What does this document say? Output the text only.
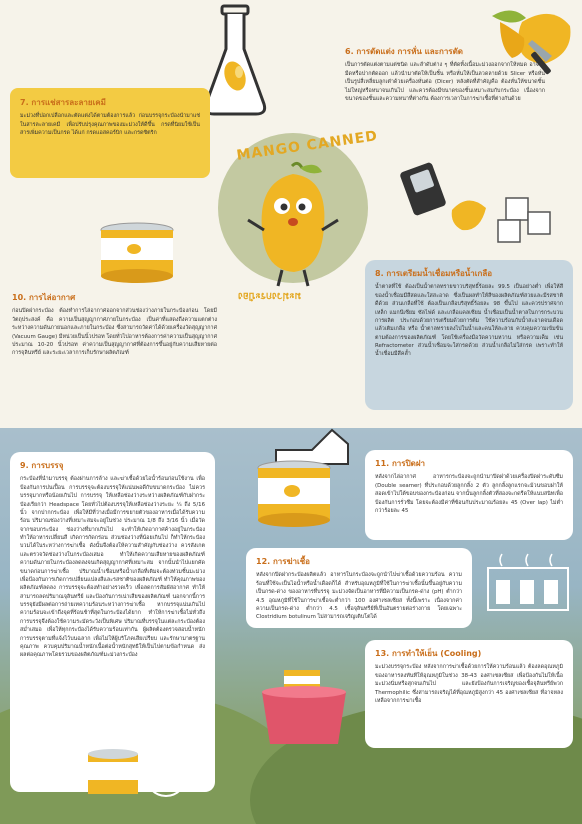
6. การตัดแต่ง การหั่น และการตัด

เป็นการตัดแต่งตามแต่ชนิด และลำดับต่าง ๆ ที่ตัดทิ้งเนื้อมะม่วงออกจากให้หมด อาจให้มีดหรือปากตัดออก แล้วนำมาตัดให้เป็นชิ้น หรือหั่นให้เป็นลวดลายด้วย Slicer หรือหั่นเป็นรูปสี่เหลี่ยมลูกเต๋าด้วยเครื่องหั่นต่อ (Dicer) หลังตัดที่สำคัญคือ ต้องหั่นให้ขนาดชิ้นไม่ใหญ่หรือหนาจนเกินไป และควรต้องมีขนาดของชิ้นเหมาะสมกับกระป๋อง เนื่องจากขนาดของชิ้นและความหนาที่ต่างกัน ต้องการเวลาในการฆ่าเชื้อที่ต่างกันด้วย

7. การแช่สารละลายเคมี

มะม่วงที่ปอกเปลือกและตัดแต่งได้ตามต้องการแล้ว ก่อนบรรจุกระป๋องนำมาแช่ในสารละลายเคมี เพื่อปรับปรุงคุณภาพของมะม่วงให้ดีขึ้น กรดที่นิยมใช้เป็นสารเพิ่มความเป็นกรด ได้แก่ กรดแอสคอร์บิก และกรดซิตริก	MANGO CANNED
มะม่วงกระป๋อง
8. การเตรียมน้ำเชื่อมหรือน้ำเกลือ

น้ำตาลที่ใช้ ต้องเป็นน้ำตาลทรายขาวบริสุทธิ์ร้อยละ 99.5 เป็นอย่างต่ำ เพื่อให้สีของน้ำเชื่อมมีสีสดและใสสะอาด ซึ่งเป็นผลทำให้สีของผลิตภัณฑ์สวยและมีรสชาติดีด้วย ส่วนเกลือที่ใช้ ต้องเป็นเกลือบริสุทธิ์ร้อยละ 98 ขึ้นไป และควรปราศจากเหล็ก แมกนีเซียม ซัลไฟด์ และเกลือแคลเซียม น้ำเชื่อมเป็นน้ำตาลในการกระบวนการผลิต ประกอบด้วยการเตรียมด้วยการต้ม ใช้ความร้อนกับน้ำสะอาดจนเดือด แล้วเติมเกลือ หรือ น้ำตาลทรายลงไปในน้ำและคนให้ละลาย ควบคุมความเข้มข้น ตามต้องการของผลิตภัณฑ์ โดยใช้เครื่องมือวัดความหวาน หรือความเค็ม เช่น Refractometer ส่วนน้ำเชื่อมจะใส่กรดด้วย ส่วนน้ำเกลือไม่ใส่กรด เพราะทำให้น้ำเชื่อมมีสีคล้ำ

10. การไล่อากาศ

ก่อนปิดฝากระป๋อง ต้องทำการไล่อากาศออกจากส่วนช่องว่างภายในกระป๋องก่อน โดยมีวัตถุประสงค์ คือ ความเป็นสุญญากาศภายในกระป๋อง เป็นค่าที่แสดงถึงความแตกต่างระหว่างความดันภายนอกและภายในกระป๋อง ซึ่งสามารถวัดค่าได้ด้วยเครื่องวัดสุญญากาศ (Vacuum Gauge) มีหน่วยเป็นนิ้วปรอท โดยทั่วไปอาหารต้องการค่าความเป็นสุญญากาศประมาณ 10-20 นิ้วปรอท ค่าความเป็นสุญญากาศที่ต้องการขึ้นอยู่กับความเสียหายต่อการจุลินทรีย์ และระยะเวลาการเก็บรักษาผลิตภัณฑ์

9. การบรรจุ

กระป๋องที่นำมาบรรจุ ต้องผ่านการล้าง และฆ่าเชื้อด้วยไอน้ำร้อนก่อนใช้งาน เพื่อป้องกันการปนเปื้อน การบรรจุจะต้องบรรจุให้แน่นพอดีกับขนาดกระป๋อง ไม่ควรบรรจุมากหรือน้อยเกินไป การบรรจุ ให้เหลือช่องว่างระหว่างผลิตภัณฑ์กับฝากระป๋องเรียกว่า Headspace โดยทั่วไปต้องบรรจุให้เหลือช่องว่างระยะ ¼ ถึง 5/16 นิ้ว จากปากกระป๋อง เพื่อให้มีที่ว่างเมื่อมีการขยายตัวของอาหารเมื่อได้รับความร้อน ปริมาณช่องว่างที่เหมาะสมจะอยู่ในช่วง ประมาณ 1/8 ถึง 3/16 นิ้ว เมื่อวัดจากขอบกระป๋อง ช่องว่างที่มากเกินไป จะทำให้เกิดอากาศค้างอยู่ในกระป๋อง ทำให้อาหารเปลี่ยนสี เกิดการกัดกร่อน ส่วนช่องว่างที่น้อยเกินไป ก็ทำให้กระป๋องบวมได้ในระหว่างการฆ่าเชื้อ ดังนั้นจึงต้องให้ความสำคัญกับช่องว่าง ควรสังเกตและตรวจวัดช่องว่างในกระป๋องเสมอ ทำให้เกิดความเสียหายของผลิตภัณฑ์ ความดันภายในกระป๋องลดลงจนเกิดสุญญากาศที่เหมาะสม จากนั้นนำไปแยกคัดขนาดก่อนการฆ่าเชื้อ ปริมาณน้ำเชื่อมหรือน้ำเกลือที่เติมจะต้องท่วมชิ้นมะม่วง เพื่อป้องกันการเกิดการเปลี่ยนแปลงสีและรสชาติของผลิตภัณฑ์ ทำให้คุณภาพของผลิตภัณฑ์ลดลง การบรรจุจะต้องทำอย่างรวดเร็ว เพื่อลดการสัมผัสอากาศ ทำให้สามารถลดปริมาณจุลินทรีย์ และป้องกันการเน่าเสียของผลิตภัณฑ์ นอกจากนี้การบรรจุยังมีผลต่อการถ่ายเทความร้อนระหว่างการฆ่าเชื้อ หากบรรจุแน่นเกินไปความร้อนจะเข้าถึงจุดที่ร้อนช้าที่สุดในกระป๋องได้ยาก ทำให้การฆ่าเชื้อไม่ทั่วถึง การบรรจุจึงต้องใช้ความระมัดระวังเป็นพิเศษ ปริมาณที่บรรจุในแต่ละกระป๋องต้องสม่ำเสมอ เพื่อให้ทุกกระป๋องได้รับความร้อนเท่ากัน ผู้ผลิตต้องตรวจสอบน้ำหนักการบรรจุตามที่แจ้งไว้บนฉลาก เพื่อไม่ให้ผู้บริโภคเสียเปรียบ และรักษามาตรฐานคุณภาพ ควบคุมปริมาณน้ำหนักเนื้อต่อน้ำหนักสุทธิให้เป็นไปตามข้อกำหนด ส่งผลต่อคุณภาพโดยรวมของผลิตภัณฑ์มะม่วงกระป๋อง

11. การปิดฝา

หลังจากไล่อากาศ อาหารกระป๋องจะถูกนำมาปิดฝาด้วยเครื่องปิดฝาระดับซีม (Double seamer) ที่ประกอบด้วยลูกกลิ้ง 2 ตัว ลูกกลิ้งลูกแรกจะม้วนขอบฝาให้สอดเข้าไปใต้ขอบของกระป๋องก่อน จากนั้นลูกกลิ้งตัวที่สองจะกดรีดให้แนบสนิทเพื่อป้องกันการรั่วซึม โดยจะต้องมีค่าที่ซ้อนกันประมาณร้อยละ 45 (Over lap) ไม่ต่ำกว่าร้อยละ 45

12. การฆ่าเชื้อ

หลังจากปิดฝากระป๋องผลิตแล้ว อาหารในกระป๋องจะถูกนำไปฆ่าเชื้อด้วยความร้อน ความร้อนที่ใช้จะเป็นไอน้ำหรือน้ำเดือดก็ได้ สำหรับอุณหภูมิที่ใช้ในการฆ่าเชื้อนั้นขึ้นอยู่กับความเป็นกรด-ด่าง ของอาหารที่บรรจุ มะม่วงจัดเป็นอาหารที่มีความเป็นกรด-ด่าง (pH) ต่ำกว่า 4.5 อุณหภูมิที่ใช้ในการฆ่าเชื้อจะต่ำกว่า 100 องศาเซลเซียส ทั้งนี้เพราะ เนื่องจากค่าความเป็นกรด-ด่าง ต่ำกว่า 4.5 เชื้อจุลินทรีย์ที่เป็นอันตรายต่อร่างกาย โดยเฉพาะ Clostridium botulinum ไม่สามารถเจริญเติบโตได้

13. การทำให้เย็น (Cooling)

มะม่วงบรรจุกระป๋อง หลังจากการฆ่าเชื้อด้วยการให้ความร้อนแล้ว ต้องลดอุณหภูมิของอาหารลงทันทีให้อุณหภูมิในช่วง 38-43 องศาเซลเซียส เพื่อป้องกันไม่ให้เนื้อมะม่วงนิ่มหรือสุกจนเกินไป และยังป้องกันการเจริญของเชื้อจุลินทรีย์พวก Thermophilic ซึ่งสามารถเจริญได้ที่อุณหภูมิสูงกว่า 45 องศาเซลเซียส ที่อาจหลงเหลือจากการฆ่าเชื้อ
